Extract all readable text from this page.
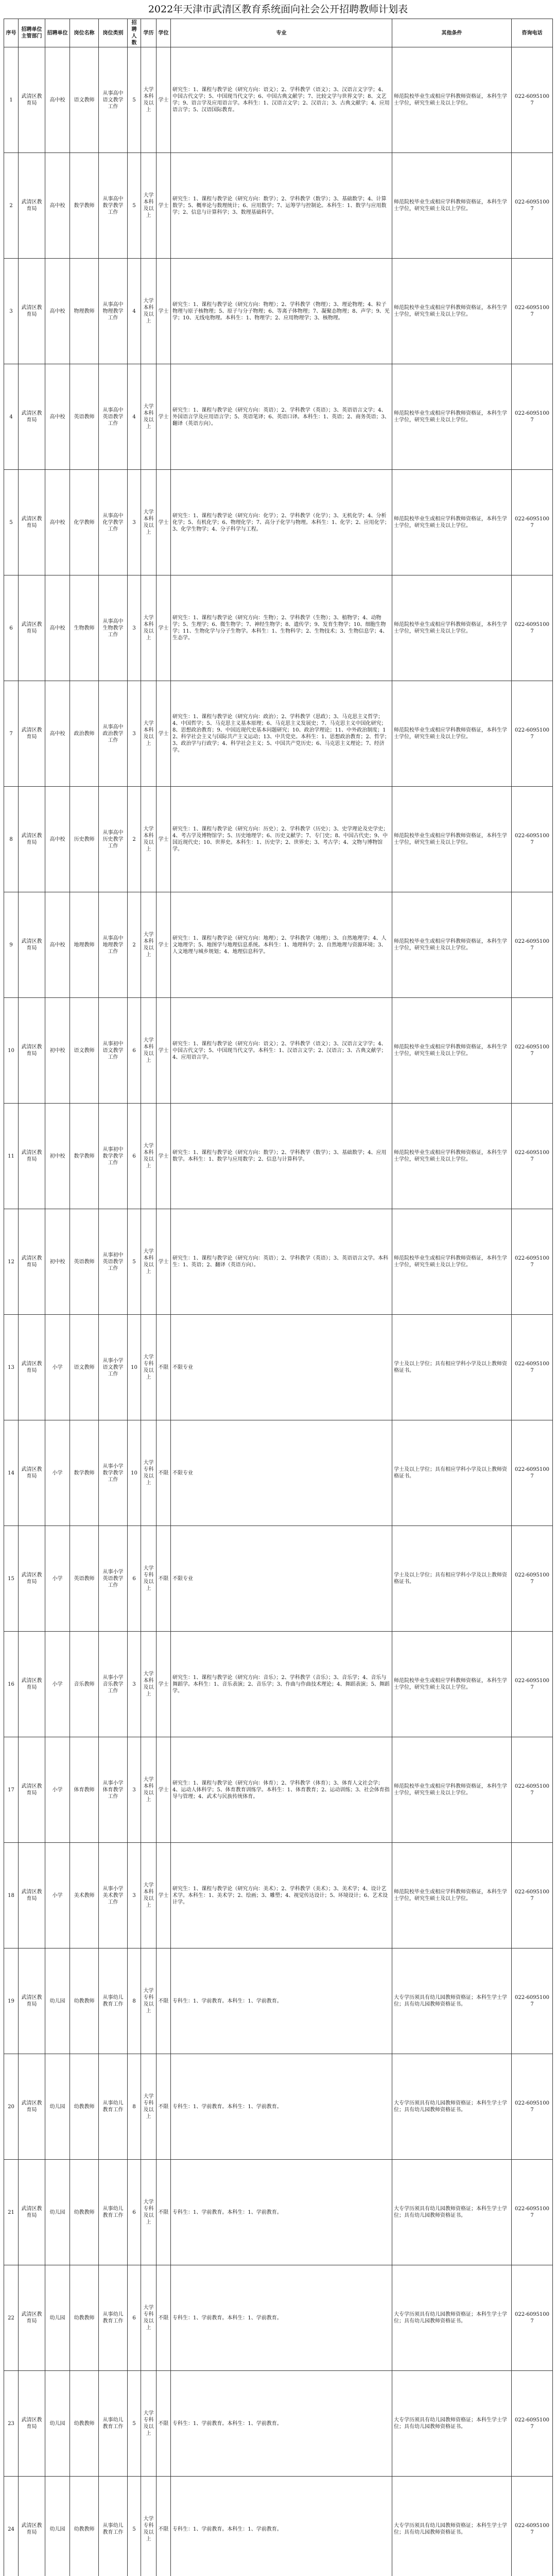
2022年天津市武清区教育系统面向社会公开招聘教师计划表
序号	招聘单位主管部门	招聘单位	岗位名称	岗位类别	招聘人数	学历	学位	专业	其他条件	咨询电话
1	武清区教育局	高中校	语文教师	从事高中语文教学工作	5	大学本科及以上	学士	研究生：1、课程与教学论（研究方向：语文）；2、学科教学（语文）；3、汉语言文字学；4、中国古代文学；5、中国现当代文学；6、中国古典文献学；7、比较文学与世界文学；8、文艺学；9、语言学及应用语言学。本科生：1、汉语言文学；2、汉语言；3、古典文献学；4、应用语言学；5、汉语国际教育。	师范院校毕业生或相应学科教师资格证，本科生学士学位，研究生硕士及以上学位。	022-60951007
2	武清区教育局	高中校	数学教师	从事高中数学教学工作	5	大学本科及以上	学士	研究生：1、课程与教学论（研究方向：数学）；2、学科教学（数学）；3、基础数学；4、计算数学；5、概率论与数理统计；6、应用数学；7、运筹学与控制论。本科生：1、数学与应用数学；2、信息与计算科学；3、数理基础科学。	师范院校毕业生或相应学科教师资格证，本科生学士学位，研究生硕士及以上学位。	022-60951007
3	武清区教育局	高中校	物理教师	从事高中物理教学工作	4	大学本科及以上	学士	研究生：1、课程与教学论（研究方向：物理）；2、学科教学（物理）；3、理论物理；4、粒子物理与原子核物理；5、原子与分子物理；6、等离子体物理；7、凝聚态物理；8、声学；9、光学；10、无线电物理。本科生：1、物理学；2、应用物理学；3、核物理。	师范院校毕业生或相应学科教师资格证，本科生学士学位，研究生硕士及以上学位。	022-60951007
4	武清区教育局	高中校	英语教师	从事高中英语教学工作	4	大学本科及以上	学士	研究生：1、课程与教学论（研究方向：英语）；2、学科教学（英语）；3、英语语言文学；4、外国语言学及应用语言学；5、英语笔译；6、英语口译。本科生：1、英语；2、商务英语；3、翻译（英语方向）。	师范院校毕业生或相应学科教师资格证，本科生学士学位，研究生硕士及以上学位。	022-60951007
5	武清区教育局	高中校	化学教师	从事高中化学教学工作	3	大学本科及以上	学士	研究生：1、课程与教学论（研究方向：化学）；2、学科教学（化学）；3、无机化学；4、分析化学；5、有机化学；6、物理化学；7、高分子化学与物理。本科生：1、化学；2、应用化学；3、化学生物学；4、分子科学与工程。	师范院校毕业生或相应学科教师资格证，本科生学士学位，研究生硕士及以上学位。	022-60951007
6	武清区教育局	高中校	生物教师	从事高中生物教学工作	3	大学本科及以上	学士	研究生：1、课程与教学论（研究方向：生物）；2、学科教学（生物）；3、植物学；4、动物学；5、生理学；6、微生物学；7、神经生物学；8、遗传学；9、发育生物学；10、细胞生物学；11、生物化学与分子生物学。本科生：1、生物科学；2、生物技术；3、生物信息学；4、生态学。	师范院校毕业生或相应学科教师资格证，本科生学士学位，研究生硕士及以上学位。	022-60951007
7	武清区教育局	高中校	政治教师	从事高中政治教学工作	3	大学本科及以上	学士	研究生：1、课程与教学论（研究方向：政治）；2、学科教学（思政）；3、马克思主义哲学；4、中国哲学；5、马克思主义基本原理；6、马克思主义发展史；7、马克思主义中国化研究；8、思想政治教育；9、中国近现代史基本问题研究；10、政治学理论；11、中外政治制度；12、科学社会主义与国际共产主义运动；13、中共党史。本科生：1、思想政治教育；2、哲学；3、政治学与行政学；4、科学社会主义；5、中国共产党历史；6、马克思主义理论；7、经济学。	师范院校毕业生或相应学科教师资格证，本科生学士学位，研究生硕士及以上学位。	022-60951007
8	武清区教育局	高中校	历史教师	从事高中历史教学工作	2	大学本科及以上	学士	研究生：1、课程与教学论（研究方向：历史）；2、学科教学（历史）；3、史学理论及史学史；4、考古学及博物馆学；5、历史地理学；6、历史文献学；7、专门史；8、中国古代史；9、中国近现代史；10、世界史。本科生：1、历史学；2、世界史；3、考古学；4、文物与博物馆学。	师范院校毕业生或相应学科教师资格证，本科生学士学位，研究生硕士及以上学位。	022-60951007
9	武清区教育局	高中校	地理教师	从事高中地理教学工作	2	大学本科及以上	学士	研究生：1、课程与教学论（研究方向：地理）；2、学科教学（地理）；3、自然地理学；4、人文地理学；5、地图学与地理信息系统。本科生：1、地理科学；2、自然地理与资源环境；3、人文地理与城乡规划；4、地理信息科学。	师范院校毕业生或相应学科教师资格证，本科生学士学位，研究生硕士及以上学位。	022-60951007
10	武清区教育局	初中校	语文教师	从事初中语文教学工作	6	大学本科及以上	学士	研究生：1、课程与教学论（研究方向：语文）；2、学科教学（语文）；3、汉语言文字学；4、中国古代文学；5、中国现当代文学。本科生：1、汉语言文学；2、汉语言；3、古典文献学；4、应用语言学。	师范院校毕业生或相应学科教师资格证，本科生学士学位，研究生硕士及以上学位。	022-60951007
11	武清区教育局	初中校	数学教师	从事初中数学教学工作	6	大学本科及以上	学士	研究生：1、课程与教学论（研究方向：数学）；2、学科教学（数学）；3、基础数学；4、应用数学。本科生：1、数学与应用数学；2、信息与计算科学。	师范院校毕业生或相应学科教师资格证，本科生学士学位，研究生硕士及以上学位。	022-60951007
12	武清区教育局	初中校	英语教师	从事初中英语教学工作	5	大学本科及以上	学士	研究生：1、课程与教学论（研究方向：英语）；2、学科教学（英语）；3、英语语言文学。本科生：1、英语；2、翻译（英语方向）。	师范院校毕业生或相应学科教师资格证，本科生学士学位，研究生硕士及以上学位。	022-60951007
13	武清区教育局	小学	语文教师	从事小学语文教学工作	10	大学专科及以上	不限	不限专业	学士及以上学位；具有相应学科小学及以上教师资格证书。	022-60951007
14	武清区教育局	小学	数学教师	从事小学数学教学工作	10	大学专科及以上	不限	不限专业	学士及以上学位；具有相应学科小学及以上教师资格证书。	022-60951007
15	武清区教育局	小学	英语教师	从事小学英语教学工作	6	大学专科及以上	不限	不限专业	学士及以上学位；具有相应学科小学及以上教师资格证书。	022-60951007
16	武清区教育局	小学	音乐教师	从事小学音乐教学工作	3	大学本科及以上	学士	研究生：1、课程与教学论（研究方向：音乐）；2、学科教学（音乐）；3、音乐学；4、音乐与舞蹈学。本科生：1、音乐表演；2、音乐学；3、作曲与作曲技术理论；4、舞蹈表演；5、舞蹈学。	师范院校毕业生或相应学科教师资格证，本科生学士学位，研究生硕士及以上学位。	022-60951007
17	武清区教育局	小学	体育教师	从事小学体育教学工作	3	大学本科及以上	学士	研究生：1、课程与教学论（研究方向：体育）；2、学科教学（体育）；3、体育人文社会学；4、运动人体科学；5、体育教育训练学。本科生：1、体育教育；2、运动训练；3、社会体育指导与管理；4、武术与民族传统体育。	师范院校毕业生或相应学科教师资格证，本科生学士学位，研究生硕士及以上学位。	022-60951007
18	武清区教育局	小学	美术教师	从事小学美术教学工作	3	大学本科及以上	学士	研究生：1、课程与教学论（研究方向：美术）；2、学科教学（美术）；3、美术学；4、设计艺术学。本科生：1、美术学；2、绘画；3、雕塑；4、视觉传达设计；5、环境设计；6、艺术设计学。	师范院校毕业生或相应学科教师资格证，本科生学士学位，研究生硕士及以上学位。	022-60951007
19	武清区教育局	幼儿园	幼教教师	从事幼儿教育工作	8	大学专科及以上	不限	专科生：1、学前教育。本科生：1、学前教育。	大专学历须具有幼儿园教师资格证；本科生学士学位；具有幼儿园教师资格证书。	022-60951007
20	武清区教育局	幼儿园	幼教教师	从事幼儿教育工作	8	大学专科及以上	不限	专科生：1、学前教育。本科生：1、学前教育。	大专学历须具有幼儿园教师资格证；本科生学士学位；具有幼儿园教师资格证书。	022-60951007
21	武清区教育局	幼儿园	幼教教师	从事幼儿教育工作	6	大学专科及以上	不限	专科生：1、学前教育。本科生：1、学前教育。	大专学历须具有幼儿园教师资格证；本科生学士学位；具有幼儿园教师资格证书。	022-60951007
22	武清区教育局	幼儿园	幼教教师	从事幼儿教育工作	6	大学专科及以上	不限	专科生：1、学前教育。本科生：1、学前教育。	大专学历须具有幼儿园教师资格证；本科生学士学位；具有幼儿园教师资格证书。	022-60951007
23	武清区教育局	幼儿园	幼教教师	从事幼儿教育工作	5	大学专科及以上	不限	专科生：1、学前教育。本科生：1、学前教育。	大专学历须具有幼儿园教师资格证；本科生学士学位；具有幼儿园教师资格证书。	022-60951007
24	武清区教育局	幼儿园	幼教教师	从事幼儿教育工作	5	大学专科及以上	不限	专科生：1、学前教育。本科生：1、学前教育。	大专学历须具有幼儿园教师资格证；本科生学士学位；具有幼儿园教师资格证书。	022-60951007
